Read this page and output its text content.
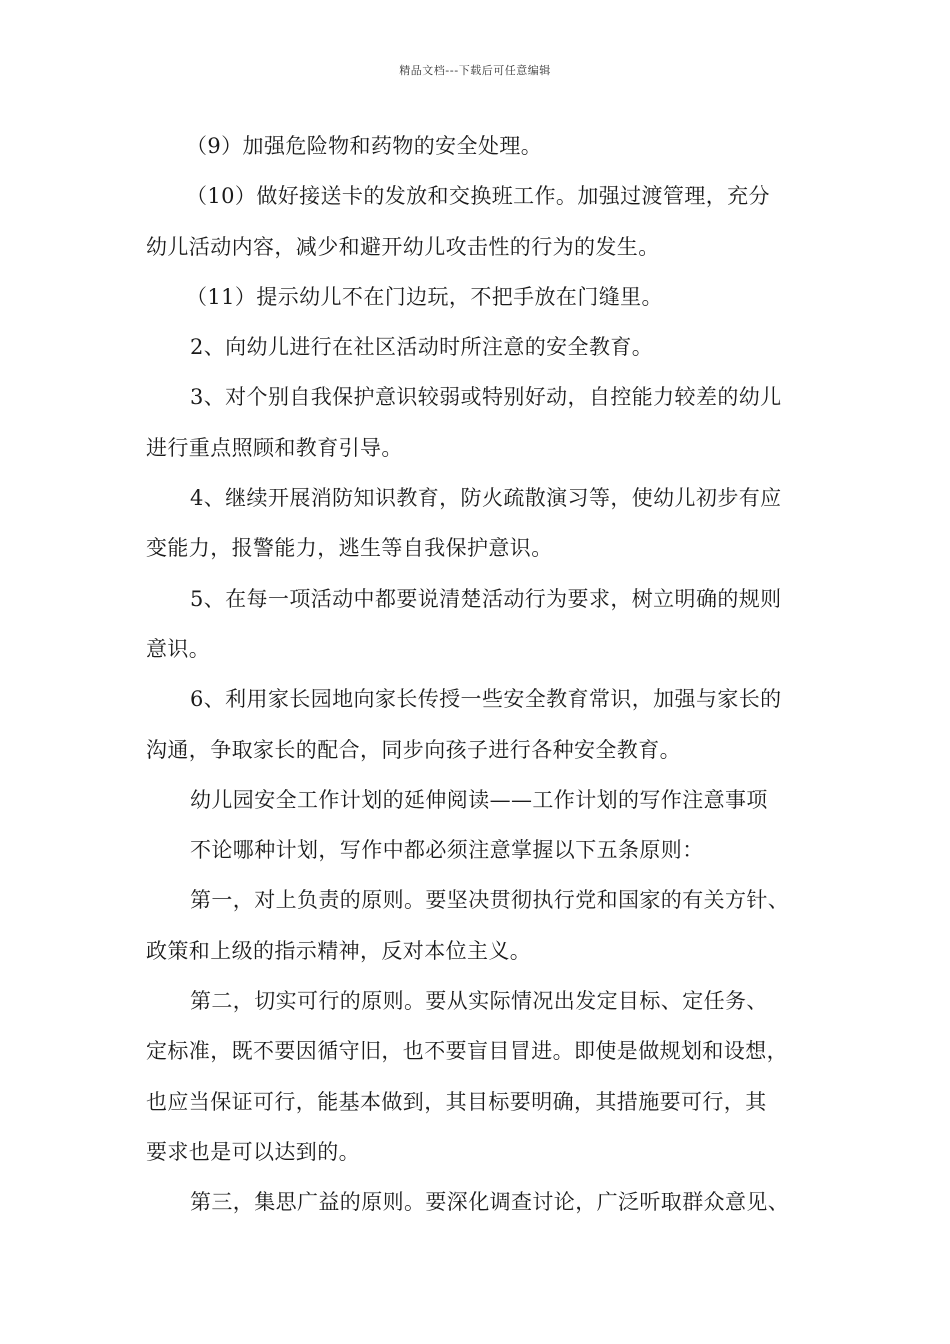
精品文档---下载后可任意编辑
（9）加强危险物和药物的安全处理。
（10）做好接送卡的发放和交换班工作。加强过渡管理，充分
幼儿活动内容，减少和避开幼儿攻击性的行为的发生。
（11）提示幼儿不在门边玩，不把手放在门缝里。
2、向幼儿进行在社区活动时所注意的安全教育。
3、对个别自我保护意识较弱或特别好动，自控能力较差的幼儿
进行重点照顾和教育引导。
4、继续开展消防知识教育，防火疏散演习等，使幼儿初步有应
变能力，报警能力，逃生等自我保护意识。
5、在每一项活动中都要说清楚活动行为要求，树立明确的规则
意识。
6、利用家长园地向家长传授一些安全教育常识，加强与家长的
沟通，争取家长的配合，同步向孩子进行各种安全教育。
幼儿园安全工作计划的延伸阅读——工作计划的写作注意事项
不论哪种计划，写作中都必须注意掌握以下五条原则：
第一，对上负责的原则。要坚决贯彻执行党和国家的有关方针、
政策和上级的指示精神，反对本位主义。
第二，切实可行的原则。要从实际情况出发定目标、定任务、
定标准，既不要因循守旧，也不要盲目冒进。即使是做规划和设想，
也应当保证可行，能基本做到，其目标要明确，其措施要可行，其
要求也是可以达到的。
第三，集思广益的原则。要深化调查讨论，广泛听取群众意见、
